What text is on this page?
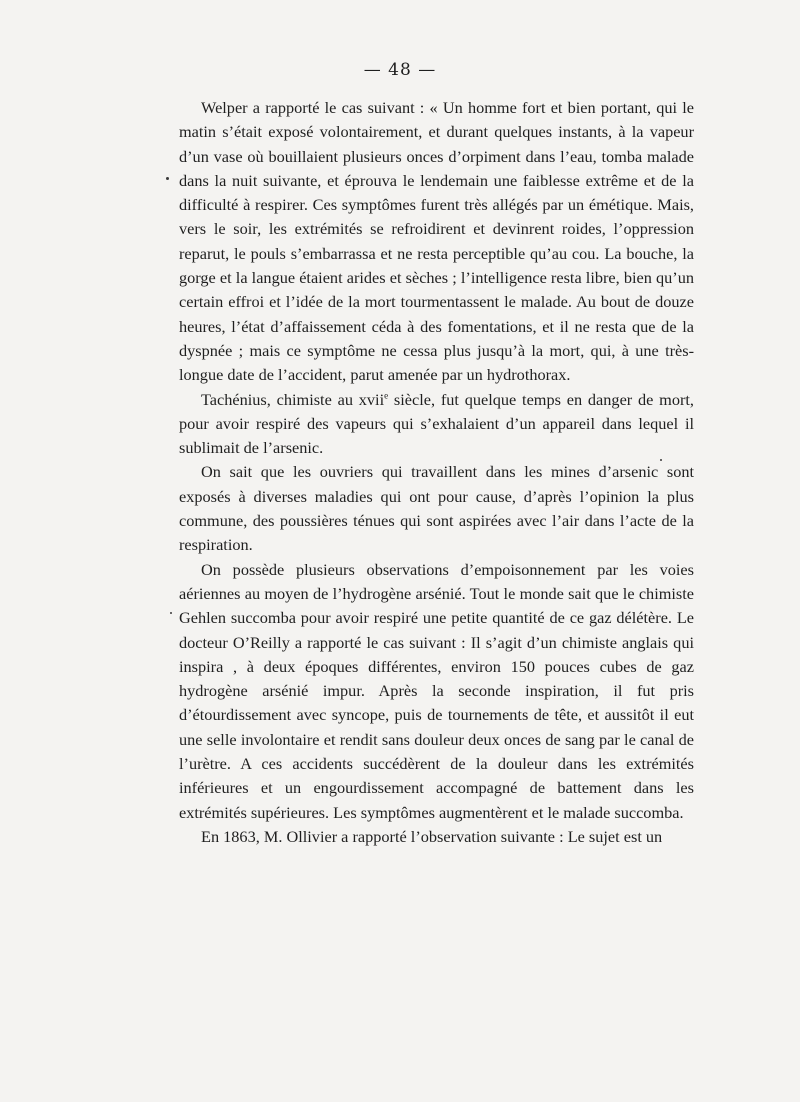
— 48 —

Welper a rapporté le cas suivant : « Un homme fort et bien portant, qui le matin s’était exposé volontairement, et durant quelques instants, à la vapeur d’un vase où bouillaient plusieurs onces d’orpiment dans l’eau, tomba malade dans la nuit suivante, et éprouva le lendemain une faiblesse extrême et de la difficulté à respirer. Ces symptômes furent très allégés par un émétique. Mais, vers le soir, les extrémités se refroidirent et devinrent roides, l’oppression reparut, le pouls s’embarrassa et ne resta perceptible qu’au cou. La bouche, la gorge et la langue étaient arides et sèches ; l’intelligence resta libre, bien qu’un certain effroi et l’idée de la mort tourmentassent le malade. Au bout de douze heures, l’état d’affaissement céda à des fomentations, et il ne resta que de la dyspnée ; mais ce symptôme ne cessa plus jusqu’à la mort, qui, à une très-longue date de l’accident, parut amenée par un hydrothorax.

Tachénius, chimiste au xvii$^e$ siècle, fut quelque temps en danger de mort, pour avoir respiré des vapeurs qui s’exhalaient d’un appareil dans lequel il sublimait de l’arsenic.

On sait que les ouvriers qui travaillent dans les mines d’arsenic sont exposés à diverses maladies qui ont pour cause, d’après l’opinion la plus commune, des poussières ténues qui sont aspirées avec l’air dans l’acte de la respiration.

On possède plusieurs observations d’empoisonnement par les voies aériennes au moyen de l’hydrogène arsénié. Tout le monde sait que le chimiste Gehlen succomba pour avoir respiré une petite quantité de ce gaz délétère. Le docteur O’Reilly a rapporté le cas suivant : Il s’agit d’un chimiste anglais qui inspira , à deux époques différentes, environ 150 pouces cubes de gaz hydrogène arsénié impur. Après la seconde inspiration, il fut pris d’étourdissement avec syncope, puis de tournements de tête, et aussitôt il eut une selle involontaire et rendit sans douleur deux onces de sang par le canal de l’urètre. A ces accidents succédèrent de la douleur dans les extrémités inférieures et un engourdissement accompagné de battement dans les extrémités supérieures. Les symptômes augmentèrent et le malade succomba.

En 1863, M. Ollivier a rapporté l’observation suivante : Le sujet est un
